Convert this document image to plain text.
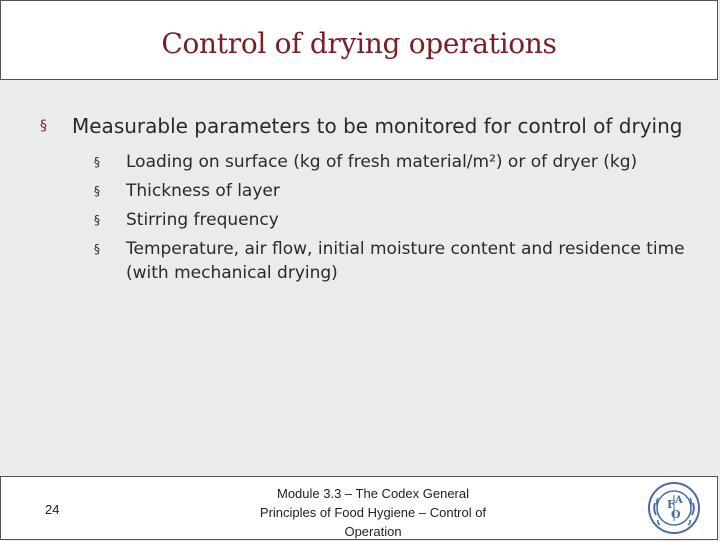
Control of drying operations
§ Measurable parameters to be monitored for control of drying
§ Loading on surface (kg of fresh material/m²) or of dryer (kg)
§ Thickness of layer
§ Stirring frequency
§ Temperature, air flow, initial moisture content and residence time (with mechanical drying)
24
Module 3.3 – The Codex General Principles of Food Hygiene – Control of Operation
F A
O
